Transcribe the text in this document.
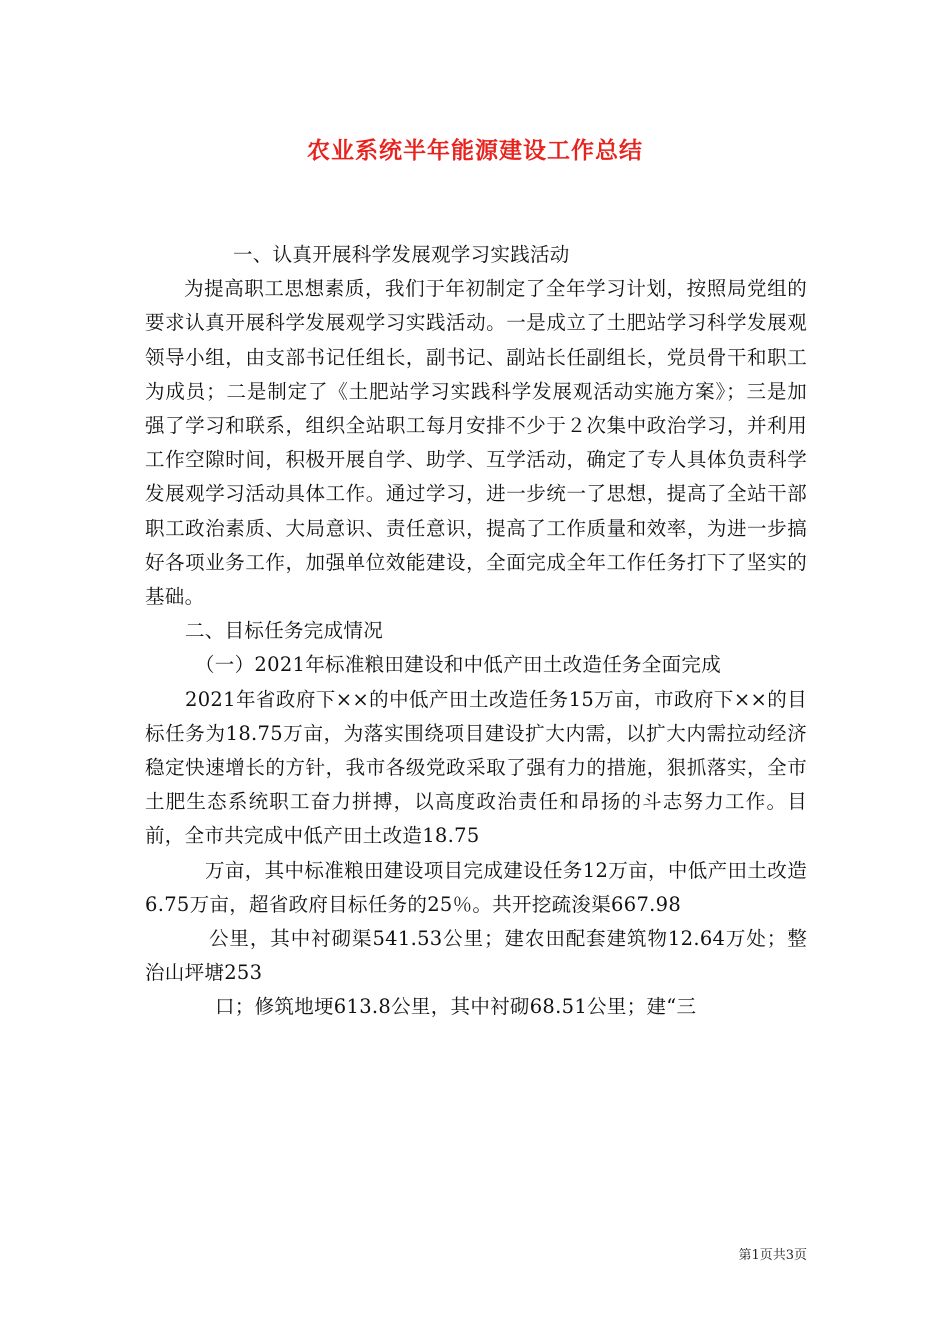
农业系统半年能源建设工作总结

一、认真开展科学发展观学习实践活动

为提高职工思想素质，我们于年初制定了全年学习计划，按照局党组的要求认真开展科学发展观学习实践活动。一是成立了土肥站学习科学发展观领导小组，由支部书记任组长，副书记、副站长任副组长，党员骨干和职工为成员；二是制定了《土肥站学习实践科学发展观活动实施方案》；三是加强了学习和联系，组织全站职工每月安排不少于２次集中政治学习，并利用工作空隙时间，积极开展自学、助学、互学活动，确定了专人具体负责科学发展观学习活动具体工作。通过学习，进一步统一了思想，提高了全站干部职工政治素质、大局意识、责任意识，提高了工作质量和效率，为进一步搞好各项业务工作，加强单位效能建设，全面完成全年工作任务打下了坚实的基础。

二、目标任务完成情况

（一）2021年标准粮田建设和中低产田土改造任务全面完成

2021年省政府下××的中低产田土改造任务15万亩，市政府下××的目标任务为18.75万亩，为落实围绕项目建设扩大内需，以扩大内需拉动经济稳定快速增长的方针，我市各级党政采取了强有力的措施，狠抓落实，全市土肥生态系统职工奋力拼搏，以高度政治责任和昂扬的斗志努力工作。目前，全市共完成中低产田土改造18.75

万亩，其中标准粮田建设项目完成建设任务12万亩，中低产田土改造6.75万亩，超省政府目标任务的25％。共开挖疏浚渠667.98

公里，其中衬砌渠541.53公里；建农田配套建筑物12.64万处；整治山坪塘253

口；修筑地埂613.8公里，其中衬砌68.51公里；建“三

第1页共3页
